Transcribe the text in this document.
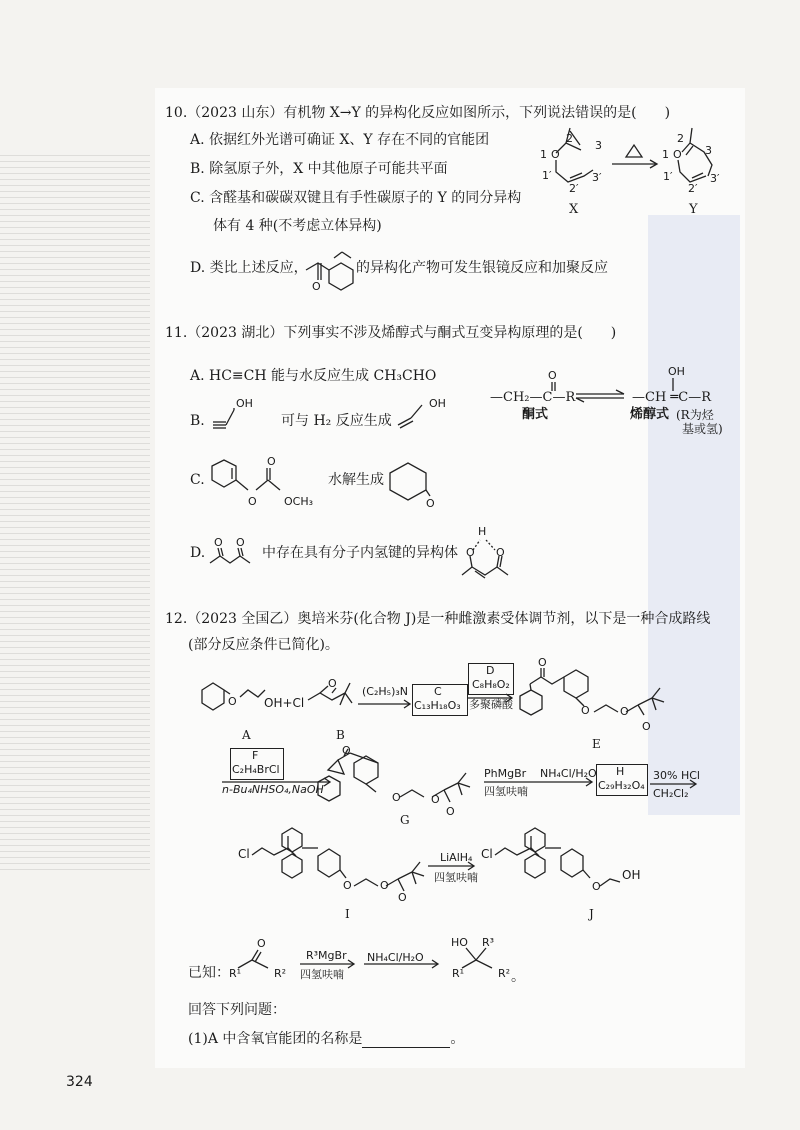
10.（2023 山东）有机物 X→Y 的异构化反应如图所示，下列说法错误的是(　　)
A. 依据红外光谱可确证 X、Y 存在不同的官能团
B. 除氢原子外，X 中其他原子可能共平面
C. 含醛基和碳碳双键且有手性碳原子的 Y 的同分异构
体有 4 种(不考虑立体异构)
D. 类比上述反应，	的异构化产物可发生银镜反应和加聚反应
2
3
1 O
1′
2′
3′
X
2
3
1 O
1′
2′
3′
Y
O
11.（2023 湖北）下列事实不涉及烯醇式与酮式互变异构原理的是(　　)
A. HC≡CH 能与水反应生成 CH₃CHO
B.	可与 H₂ 反应生成
C.	水解生成
D.	中存在具有分子内氢键的异构体
OH	OH
O
O OCH₃	O
O O
H
O O
O	OH
—CH₂—C—R	—CH ═C—R
酮式	烯醇式 (R为烃
基或氢)
12.（2023 全国乙）奥培米芬(化合物 J)是一种雌激素受体调节剂，以下是一种合成路线
(部分反应条件已简化)。
OH+Cl
O
O
A	B
(C₂H₅)₃N C
C₁₃H₁₈O₃
D
C₈H₈O₂
多聚磷酸
O
O	O
O
E
F
C₂H₄BrCl
n-Bu₄NHSO₄,NaOH
O
O	O
O
G
PhMgBr NH₄Cl/H₂O
四氢呋喃
H
C₂₉H₃₂O₄
30% HCl
CH₂Cl₂
Cl
O	O
O
I
LiAlH₄
四氢呋喃
Cl
O
OH
J
已知：
O
R¹	R²
R³MgBr
四氢呋喃
NH₄Cl/H₂O
HO R³
R¹	R² 。
回答下列问题：
(1)A 中含氧官能团的名称是	。
324
